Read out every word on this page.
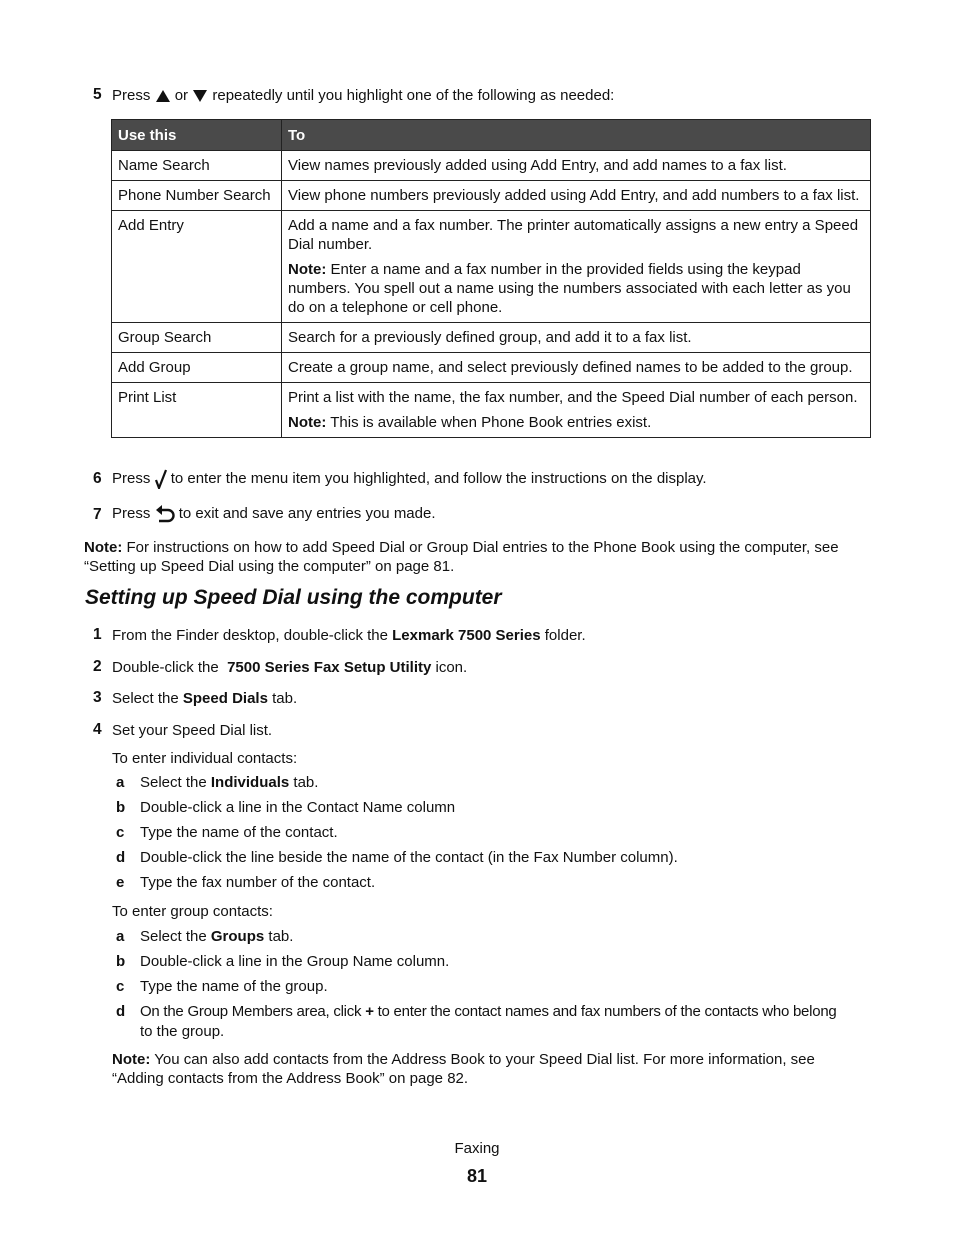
5 Press or repeatedly until you highlight one of the following as needed:
Use this	To
Name Search	View names previously added using Add Entry, and add names to a fax list.

Phone Number Search	View phone numbers previously added using Add Entry, and add numbers to a fax list.

Add Entry	Add a name and a fax number. The printer automatically assigns a new entry a Speed Dial number.

Note: Enter a name and a fax number in the provided fields using the keypad numbers. You spell out a name using the numbers associated with each letter as you do on a telephone or cell phone.

Group Search	Search for a previously defined group, and add it to a fax list.

Add Group	Create a group name, and select previously defined names to be added to the group.

Print List	Print a list with the name, the fax number, and the Speed Dial number of each person.

Note: This is available when Phone Book entries exist.

6 Press to enter the menu item you highlighted, and follow the instructions on the display.
7 Press to exit and save any entries you made.
Note: For instructions on how to add Speed Dial or Group Dial entries to the Phone Book using the computer, see
“Setting up Speed Dial using the computer” on page 81.
Setting up Speed Dial using the computer
1 From the Finder desktop, double-click the Lexmark 7500 Series folder.
2 Double-click the 7500 Series Fax Setup Utility icon.
3 Select the Speed Dials tab.
4 Set your Speed Dial list.
To enter individual contacts:
a Select the Individuals tab.
b Double-click a line in the Contact Name column
c Type the name of the contact.
d Double-click the line beside the name of the contact (in the Fax Number column).
e Type the fax number of the contact.
To enter group contacts:
a Select the Groups tab.
b Double-click a line in the Group Name column.
c Type the name of the group.
d On the Group Members area, click + to enter the contact names and fax numbers of the contacts who belong
to the group.
Note: You can also add contacts from the Address Book to your Speed Dial list. For more information, see
“Adding contacts from the Address Book” on page 82.
Faxing
81
